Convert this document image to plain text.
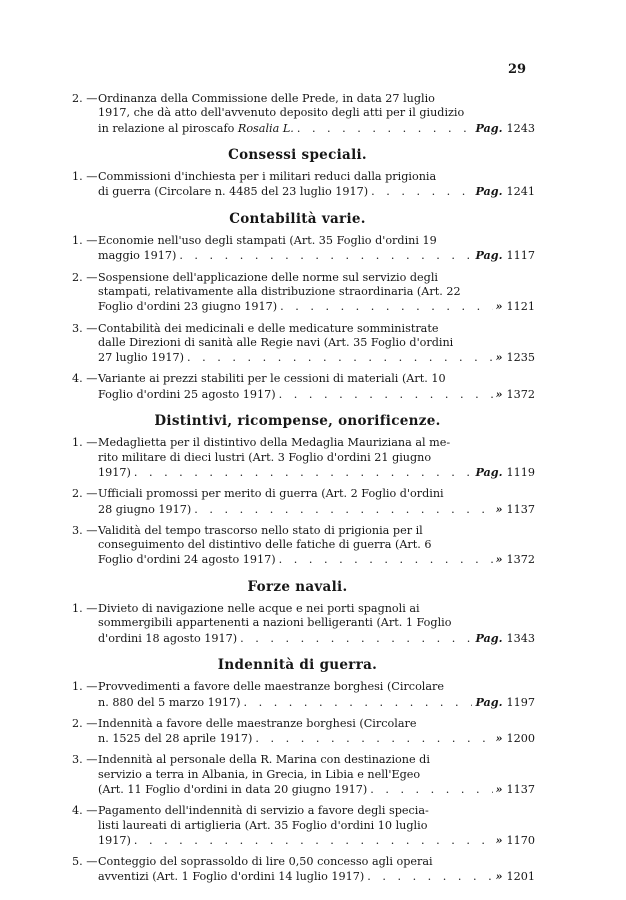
29

2. — Ordinanza della Commissione delle Prede, in data 27 luglio
1917, che dà atto dell'avvenuto deposito degli atti per il giudizio
in relazione al piroscafo Rosalia L. . . .	Pag. 1243
Consessi speciali.
1. — Commissioni d'inchiesta per i militari reduci dalla prigionia
di guerra (Circolare n. 4485 del 23 luglio 1917) . . .	Pag. 1241
Contabilità varie.
1. — Economie nell'uso degli stampati (Art. 35 Foglio d'ordini 19
maggio 1917) . . .	Pag. 1117
2. — Sospensione dell'applicazione delle norme sul servizio degli
stampati, relativamente alla distribuzione straordinaria (Art. 22
Foglio d'ordini 23 giugno 1917) . . .	» 1121
3. — Contabilità dei medicinali e delle medicature somministrate
dalle Direzioni di sanità alle Regie navi (Art. 35 Foglio d'ordini
27 luglio 1917) . . .	» 1235
4. — Variante ai prezzi stabiliti per le cessioni di materiali (Art. 10
Foglio d'ordini 25 agosto 1917) . . .	» 1372
Distintivi, ricompense, onorificenze.
1. — Medaglietta per il distintivo della Medaglia Mauriziana al me-
rito militare di dieci lustri (Art. 3 Foglio d'ordini 21 giugno
1917) . . .	Pag. 1119
2. — Ufficiali promossi per merito di guerra (Art. 2 Foglio d'ordini
28 giugno 1917) . . .	» 1137
3. — Validità del tempo trascorso nello stato di prigionia per il
conseguimento del distintivo delle fatiche di guerra (Art. 6
Foglio d'ordini 24 agosto 1917) . . .	» 1372
Forze navali.
1. — Divieto di navigazione nelle acque e nei porti spagnoli ai
sommergibili appartenenti a nazioni belligeranti (Art. 1 Foglio
d'ordini 18 agosto 1917) . . .	Pag. 1343
Indennità di guerra.
1. — Provvedimenti a favore delle maestranze borghesi (Circolare
n. 880 del 5 marzo 1917) . . .	Pag. 1197
2. — Indennità a favore delle maestranze borghesi (Circolare
n. 1525 del 28 aprile 1917) . . .	» 1200
3. — Indennità al personale della R. Marina con destinazione di
servizio a terra in Albania, in Grecia, in Libia e nell'Egeo
(Art. 11 Foglio d'ordini in data 20 giugno 1917) . . .	» 1137
4. — Pagamento dell'indennità di servizio a favore degli specia-
listi laureati di artiglieria (Art. 35 Foglio d'ordini 10 luglio
1917) . . .	» 1170
5. — Conteggio del soprassoldo di lire 0,50 concesso agli operai
avventizi (Art. 1 Foglio d'ordini 14 luglio 1917) . . .	» 1201
